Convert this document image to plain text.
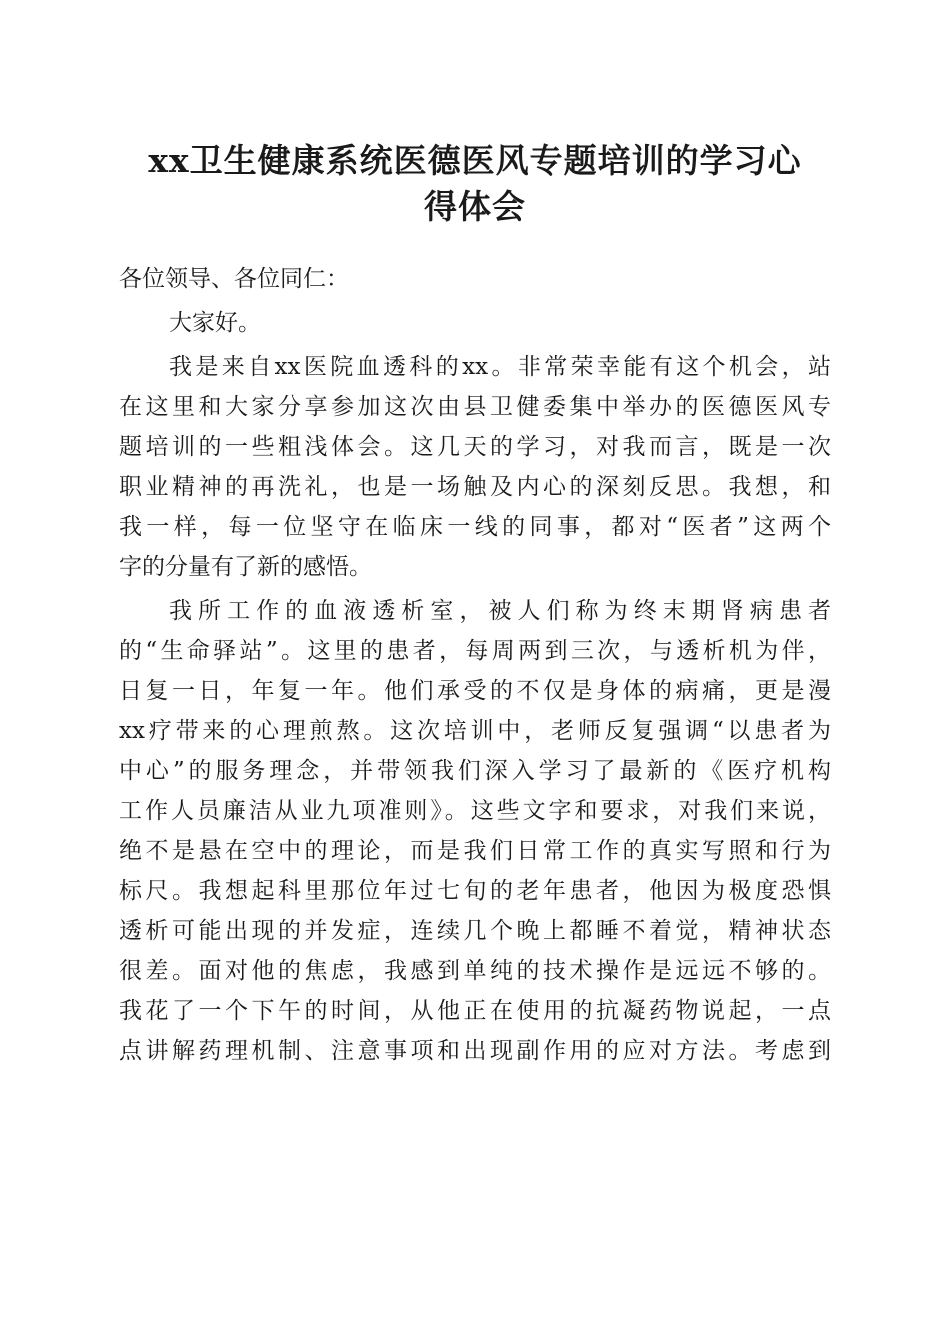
xx卫生健康系统医德医风专题培训的学习心
得体会

各位领导、各位同仁：

大家好。

我是来自xx医院血透科的xx。非常荣幸能有这个机会，站
在这里和大家分享参加这次由县卫健委集中举办的医德医风专
题培训的一些粗浅体会。这几天的学习，对我而言，既是一次
职业精神的再洗礼，也是一场触及内心的深刻反思。我想，和
我一样，每一位坚守在临床一线的同事，都对“医者”这两个
字的分量有了新的感悟。

我所工作的血液透析室，被人们称为终末期肾病患者
的“生命驿站”。这里的患者，每周两到三次，与透析机为伴，
日复一日，年复一年。他们承受的不仅是身体的病痛，更是漫
xx疗带来的心理煎熬。这次培训中，老师反复强调“以患者为
中心”的服务理念，并带领我们深入学习了最新的《医疗机构
工作人员廉洁从业九项准则》。这些文字和要求，对我们来说，
绝不是悬在空中的理论，而是我们日常工作的真实写照和行为
标尺。我想起科里那位年过七旬的老年患者，他因为极度恐惧
透析可能出现的并发症，连续几个晚上都睡不着觉，精神状态
很差。面对他的焦虑，我感到单纯的技术操作是远远不够的。
我花了一个下午的时间，从他正在使用的抗凝药物说起，一点
点讲解药理机制、注意事项和出现副作用的应对方法。考虑到
